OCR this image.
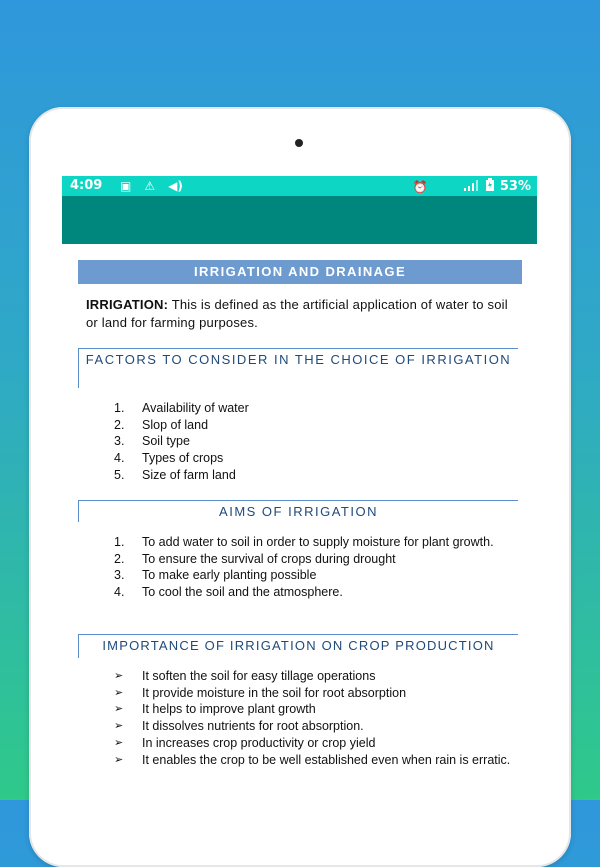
4:09 ▣ ⚠ ◀)	⏰	53%
IRRIGATION AND DRAINAGE
IRRIGATION: This is defined as the artificial application of water to soil or land for farming purposes.
FACTORS TO CONSIDER IN THE CHOICE OF IRRIGATION
1. Availability of water
2. Slop of land
3. Soil type
4. Types of crops
5. Size of farm land
AIMS OF IRRIGATION
1. To add water to soil in order to supply moisture for plant growth.
2. To ensure the survival of crops during drought
3. To make early planting possible
4. To cool the soil and the atmosphere.
IMPORTANCE OF IRRIGATION ON CROP PRODUCTION
➢ It soften the soil for easy tillage operations
➢ It provide moisture in the soil for root absorption
➢ It helps to improve plant growth
➢ It dissolves nutrients for root absorption.
➢ In increases crop productivity or crop yield
➢ It enables the crop to be well established even when rain is erratic.
